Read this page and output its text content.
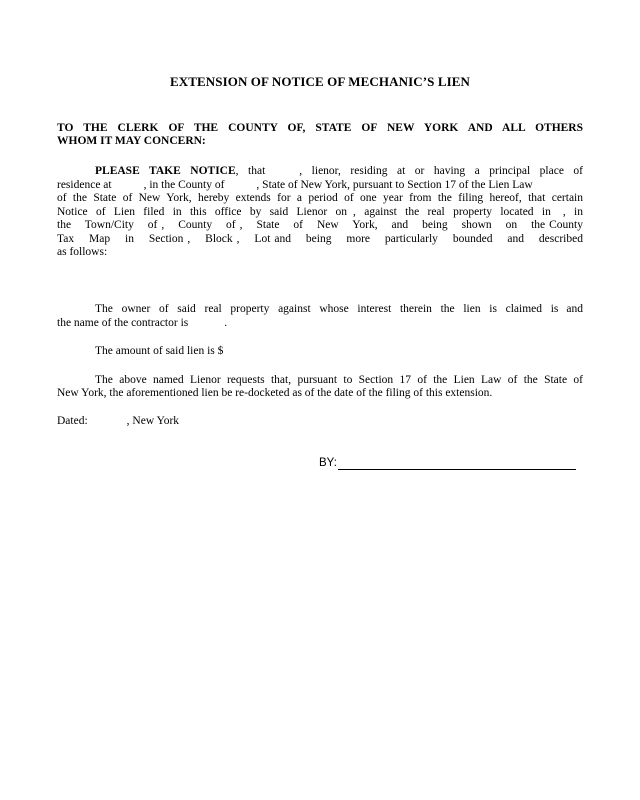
EXTENSION OF NOTICE OF MECHANIC’S LIEN
TO THE CLERK OF THE COUNTY OF, STATE OF NEW YORK AND ALL OTHERS
WHOM IT MAY CONCERN:
PLEASE TAKE NOTICE, that	, lienor, residing at or having a principal place of
residence at	, in the County of	, State of New York, pursuant to Section 17 of the Lien Law
of the State of New York, hereby extends for a period of one year from the filing hereof, that certain
Notice of Lien filed in this office by said Lienor on , against the real property located in , in
the Town/City of , County of , State of New York, and being shown on the County
Tax Map in Section , Block , Lot and being more particularly bounded and described
as follows:
The owner of said real property against whose interest therein the lien is claimed is and
the name of the contractor is	.
The amount of said lien is $
The above named Lienor requests that, pursuant to Section 17 of the Lien Law of the State of
New York, the aforementioned lien be re-docketed as of the date of the filing of this extension.
Dated:	, New York
BY:
